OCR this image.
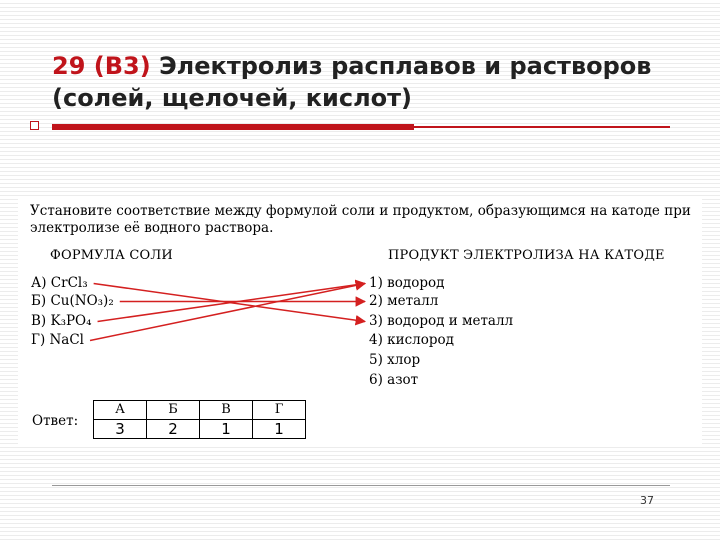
29 (B3) Электролиз расплавов и растворов (солей, щелочей, кислот)
Установите соответствие между формулой соли и продуктом, образующимся на катоде при электролизе её водного раствора.
ФОРМУЛА СОЛИ	ПРОДУКТ ЭЛЕКТРОЛИЗА НА КАТОДЕ
А) CrCl₃
Б) Cu(NO₃)₂
В) K₃PO₄
Г) NaCl
1) водород
2) металл
3) водород и металл
4) кислород
5) хлор
6) азот
Ответ:
А	Б	В	Г
3	2	1	1
37
